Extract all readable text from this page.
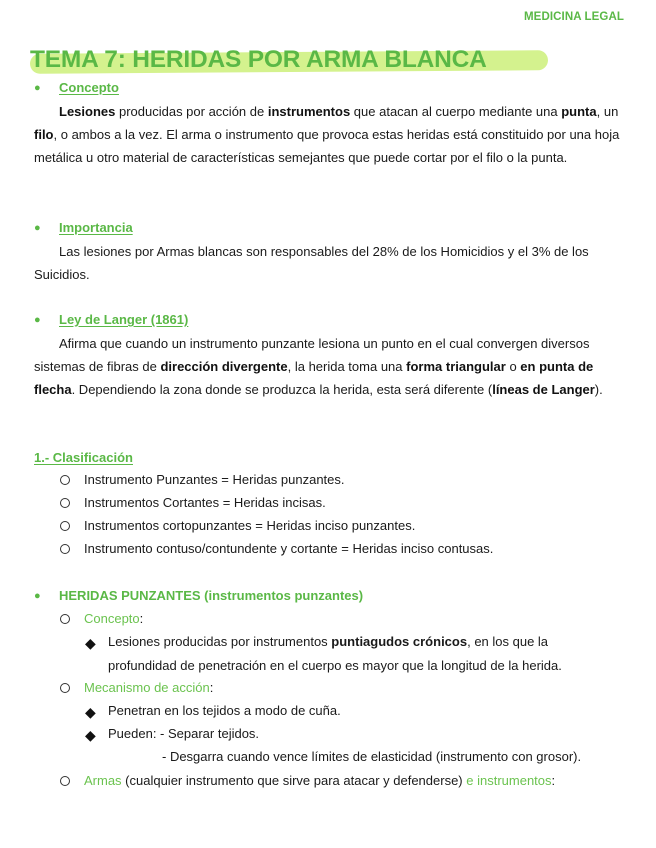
MEDICINA LEGAL
TEMA 7: HERIDAS POR ARMA BLANCA
● Concepto

Lesiones producidas por acción de instrumentos que atacan al cuerpo mediante una punta, un filo, o ambos a la vez. El arma o instrumento que provoca estas heridas está constituido por una hoja metálica u otro material de características semejantes que puede cortar por el filo o la punta.

● Importancia

Las lesiones por Armas blancas son responsables del 28% de los Homicidios y el 3% de los Suicidios.

● Ley de Langer (1861)

Afirma que cuando un instrumento punzante lesiona un punto en el cual convergen diversos sistemas de fibras de dirección divergente, la herida toma una forma triangular o en punta de flecha. Dependiendo la zona donde se produzca la herida, esta será diferente (líneas de Langer).

1.- Clasificación
Instrumento Punzantes = Heridas punzantes.
Instrumentos Cortantes = Heridas incisas.
Instrumentos cortopunzantes = Heridas inciso punzantes.
Instrumento contuso/contundente y cortante = Heridas inciso contusas.
● HERIDAS PUNZANTES (instrumentos punzantes)
Concepto:
◆ Lesiones producidas por instrumentos puntiagudos crónicos, en los que la
profundidad de penetración en el cuerpo es mayor que la longitud de la herida.
Mecanismo de acción:
◆ Penetran en los tejidos a modo de cuña.
◆ Pueden: - Separar tejidos.
- Desgarra cuando vence límites de elasticidad (instrumento con grosor).
Armas (cualquier instrumento que sirve para atacar y defenderse) e instrumentos:
